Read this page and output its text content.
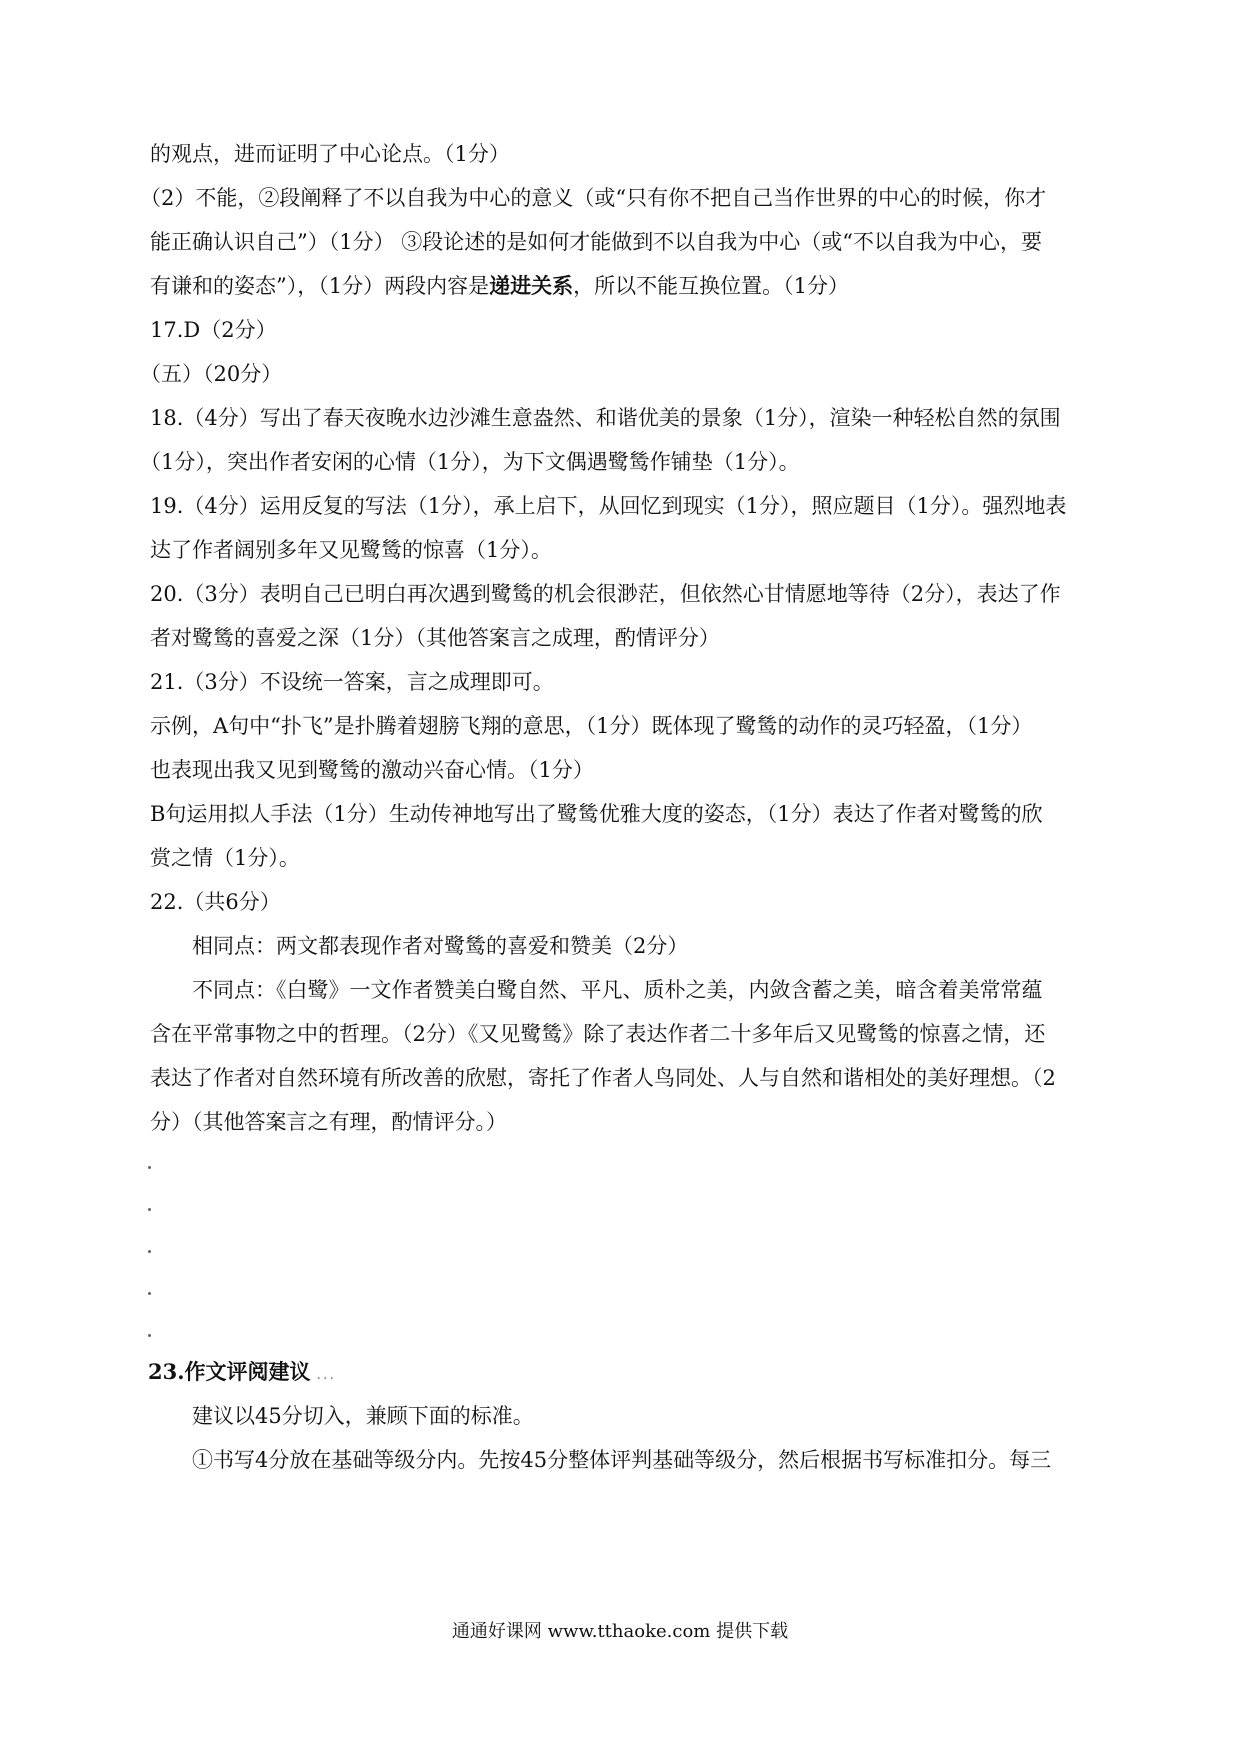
的观点，进而证明了中心论点。（1分）
（2）不能，②段阐释了不以自我为中心的意义（或“只有你不把自己当作世界的中心的时候，你才
能正确认识自己”）（1分） ③段论述的是如何才能做到不以自我为中心（或“不以自我为中心，要
有谦和的姿态”），（1分）两段内容是递进关系，所以不能互换位置。（1分）
17.D（2分）
（五）（20分）
18.（4分）写出了春天夜晚水边沙滩生意盎然、和谐优美的景象（1分），渲染一种轻松自然的氛围
（1分），突出作者安闲的心情（1分），为下文偶遇鹭鸶作铺垫（1分）。
19.（4分）运用反复的写法（1分），承上启下，从回忆到现实（1分），照应题目（1分）。强烈地表
达了作者阔别多年又见鹭鸶的惊喜（1分）。
20.（3分）表明自己已明白再次遇到鹭鸶的机会很渺茫，但依然心甘情愿地等待（2分），表达了作
者对鹭鸶的喜爱之深（1分）（其他答案言之成理，酌情评分）
21.（3分）不设统一答案，言之成理即可。
示例，A句中“扑飞”是扑腾着翅膀飞翔的意思，（1分）既体现了鹭鸶的动作的灵巧轻盈，（1分）
也表现出我又见到鹭鸶的激动兴奋心情。（1分）
B句运用拟人手法（1分）生动传神地写出了鹭鸶优雅大度的姿态，（1分）表达了作者对鹭鸶的欣
赏之情（1分）。
22.（共6分）
相同点：两文都表现作者对鹭鸶的喜爱和赞美（2分）
不同点：《白鹭》一文作者赞美白鹭自然、平凡、质朴之美，内敛含蓄之美，暗含着美常常蕴
含在平常事物之中的哲理。（2分）《又见鹭鸶》除了表达作者二十多年后又见鹭鸶的惊喜之情，还
表达了作者对自然环境有所改善的欣慰，寄托了作者人鸟同处、人与自然和谐相处的美好理想。（2
分）（其他答案言之有理，酌情评分。）
23.作文评阅建议 ...
建议以45分切入，兼顾下面的标准。
①书写4分放在基础等级分内。先按45分整体评判基础等级分，然后根据书写标准扣分。每三
通通好课网 www.tthaoke.com 提供下载
